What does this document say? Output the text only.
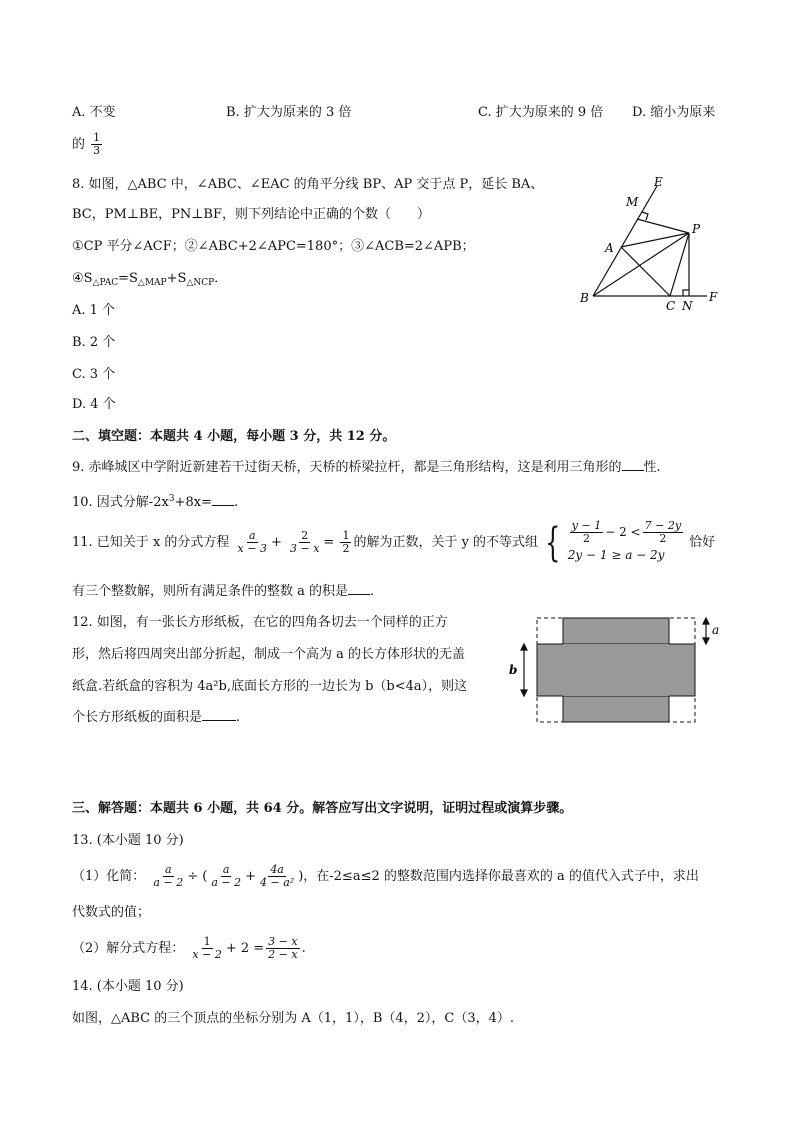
A. 不变	B. 扩大为原来的 3 倍	C. 扩大为原来的 9 倍 D. 缩小为原来
的 $\frac{1}{3}$
8. 如图，△ABC 中，∠ABC、∠EAC 的角平分线 BP、AP 交于点 P，延长 BA、
BC，PM⊥BE，PN⊥BF，则下列结论中正确的个数（　　）
①CP 平分∠ACF；②∠ABC+2∠APC=180°；③∠ACB=2∠APB；
$④S_{\triangle PAC}=S_{\triangle MAP}+S_{\triangle NCP}$．
A. 1 个
B. 2 个
C. 3 个
D. 4 个
E
M
P
A
B
C N
F
二、填空题：本题共 4 小题，每小题 3 分，共 12 分。
9. 赤峰城区中学附近新建若干过街天桥，天桥的桥梁拉杆，都是三角形结构，这是利用三角形的 性.
10. 因式分解$-2x^3+8x=$ .
11. 已知关于 x 的分式方程 $\frac{a}{x - 3} + \frac{2}{3 - x} = \frac{1}{2}$ 的解为正数，关于 y 的不等式组 { $\frac{y - 1}{2} - 2 < \frac{7 - 2y}{2}$
2y − 1 ≥ a − 2y
恰好
有三个整数解，则所有满足条件的整数 a 的积是 .
12. 如图，有一张长方形纸板，在它的四角各切去一个同样的正方
形，然后将四周突出部分折起，制成一个高为 a 的长方体形状的无盖
纸盒.若纸盒的容积为 4a²b,底面长方形的一边长为 b（b<4a），则这
个长方形纸板的面积是	.
a
b
三、解答题：本题共 6 小题，共 64 分。解答应写出文字说明，证明过程或演算步骤。
13. (本小题 10 分)
（1）化简： $\frac{a}{a - 2}$ ÷ ( $\frac{a}{a - 2} + \frac{4a}{\text{4 − a²}}$ )，在-2≤a≤2 的整数范围内选择你最喜欢的 a 的值代入式子中，求出
代数式的值；
（2）解分式方程： $\frac{1}{x - 2} + 2 = \frac{3 - x}{2 - x}$ .
14. (本小题 10 分)
如图，△ABC 的三个顶点的坐标分别为 A（1，1），B（4，2），C（3，4）.
